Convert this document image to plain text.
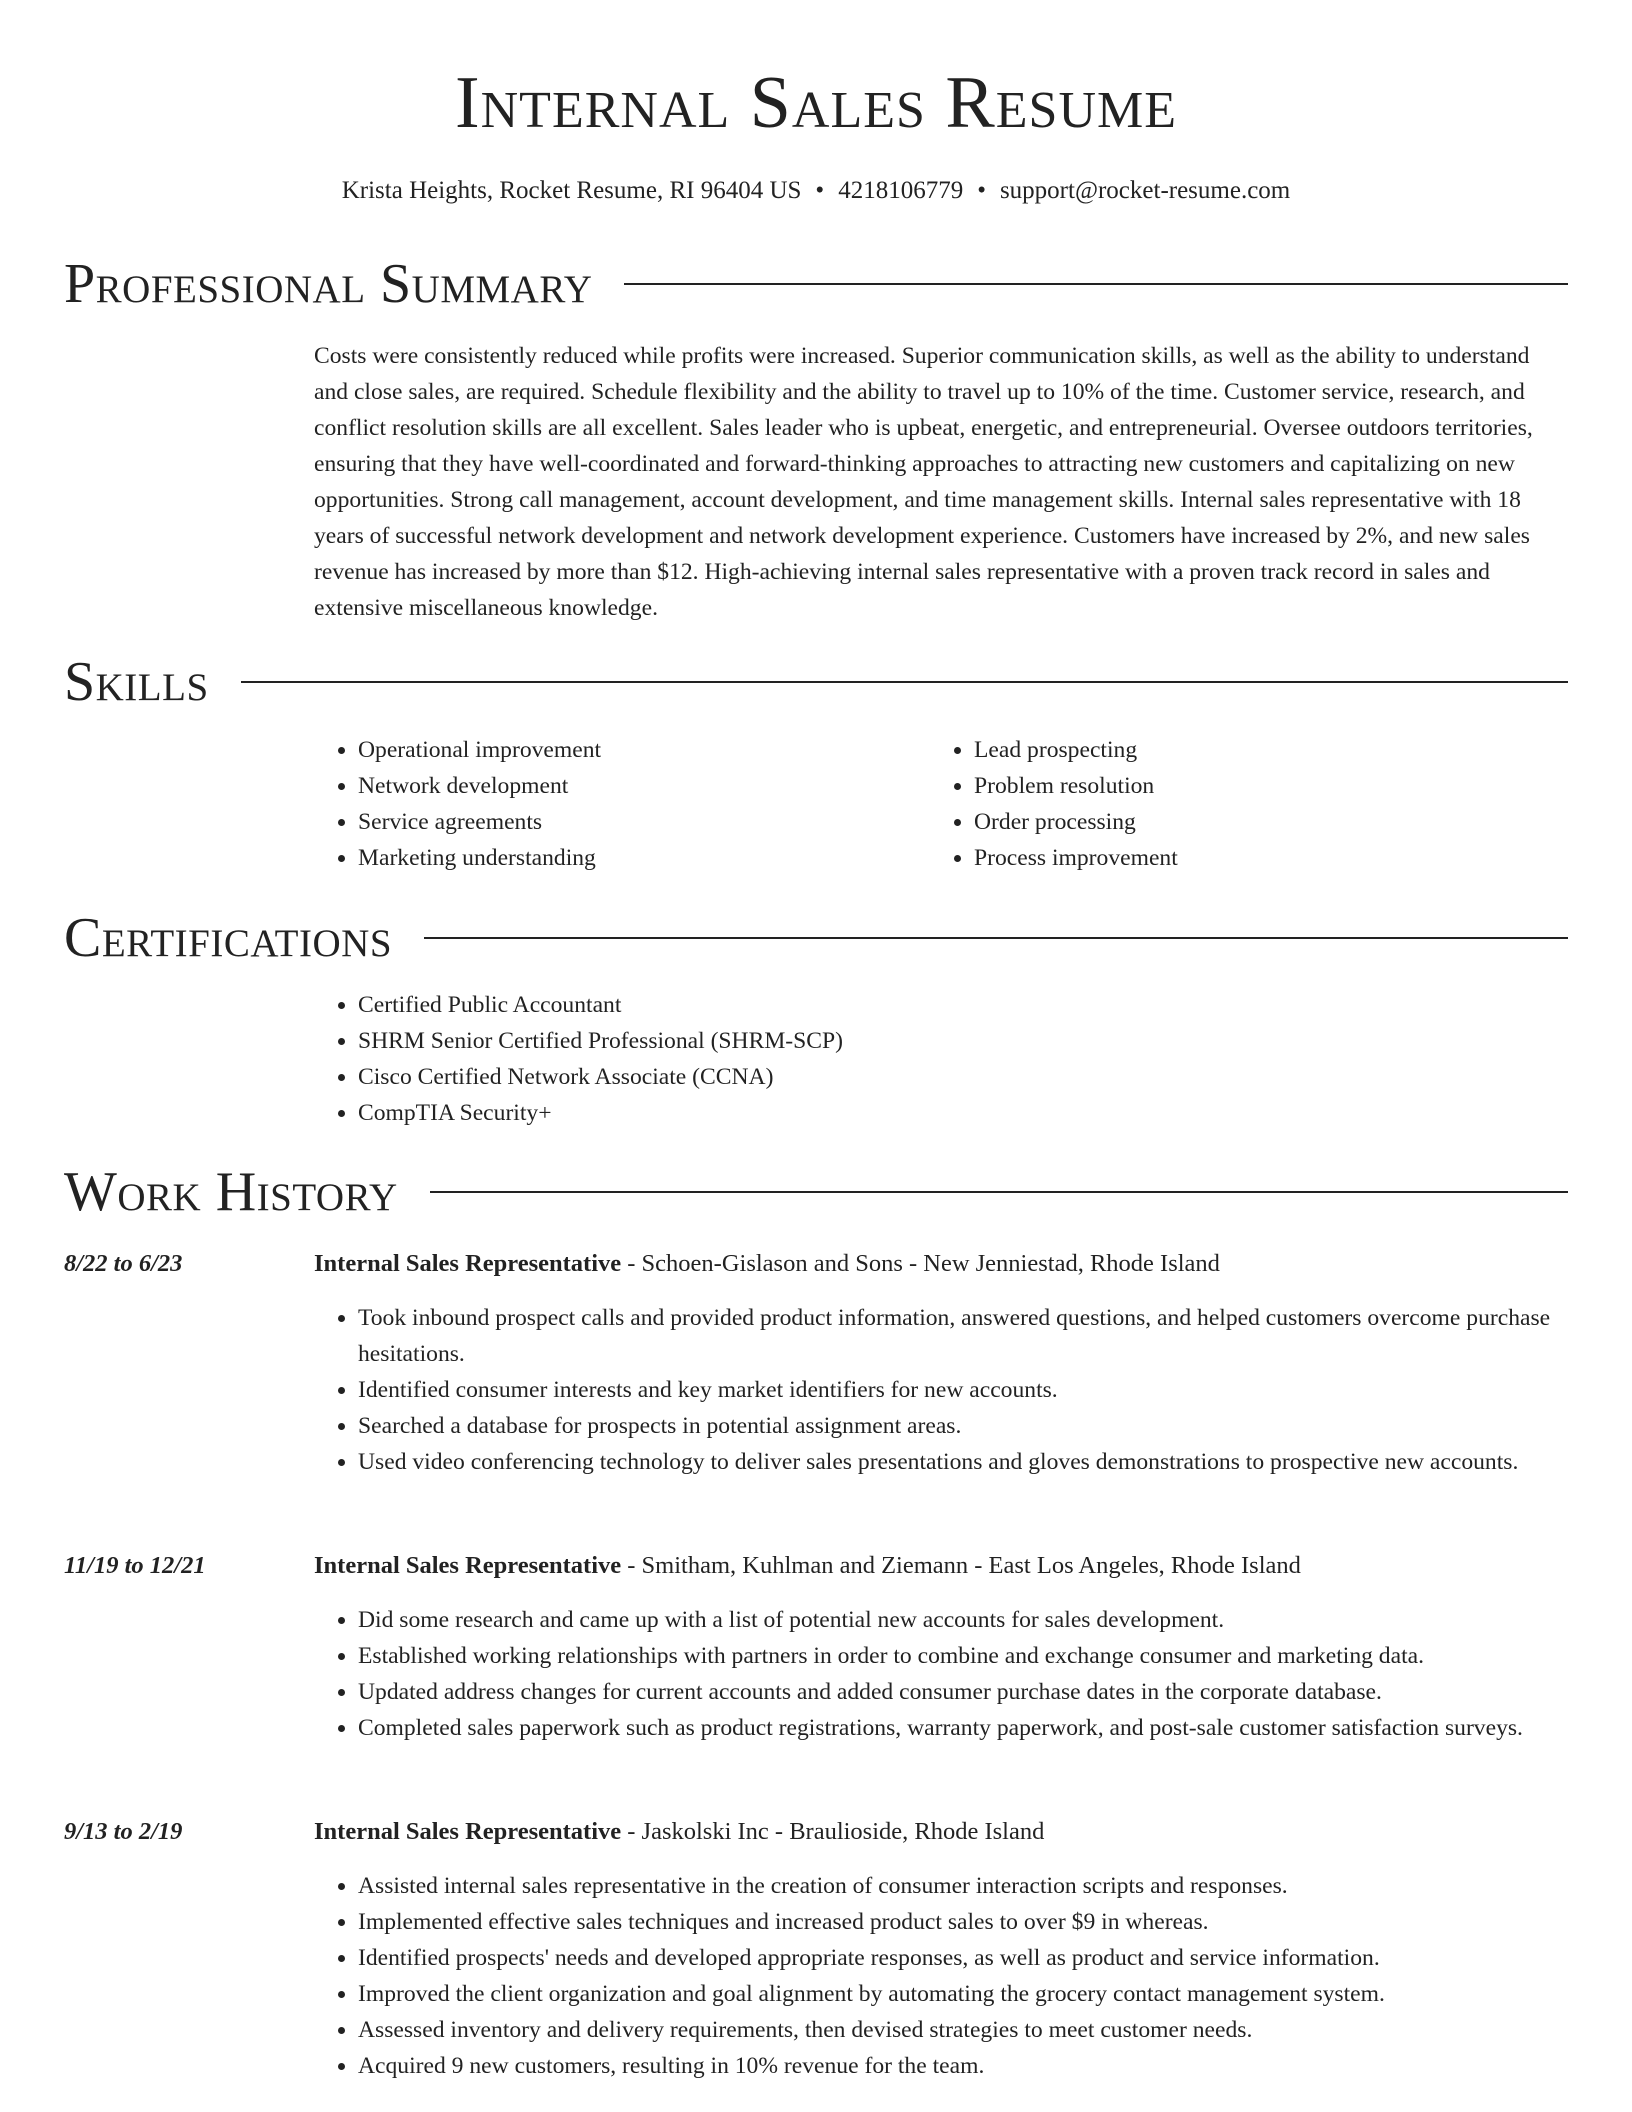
Internal Sales Resume
Krista Heights, Rocket Resume, RI 96404 US • 4218106779 • support@rocket-resume.com
Professional Summary
Costs were consistently reduced while profits were increased. Superior communication skills, as well as the ability to understand and close sales, are required. Schedule flexibility and the ability to travel up to 10% of the time. Customer service, research, and conflict resolution skills are all excellent. Sales leader who is upbeat, energetic, and entrepreneurial. Oversee outdoors territories, ensuring that they have well-coordinated and forward-thinking approaches to attracting new customers and capitalizing on new opportunities. Strong call management, account development, and time management skills. Internal sales representative with 18 years of successful network development and network development experience. Customers have increased by 2%, and new sales revenue has increased by more than $12. High-achieving internal sales representative with a proven track record in sales and extensive miscellaneous knowledge.
Skills
• Operational improvement
• Network development
• Service agreements
• Marketing understanding
• Lead prospecting
• Problem resolution
• Order processing
• Process improvement
Certifications
• Certified Public Accountant
• SHRM Senior Certified Professional (SHRM-SCP)
• Cisco Certified Network Associate (CCNA)
• CompTIA Security+
Work History
8/22 to 6/23	Internal Sales Representative - Schoen-Gislason and Sons - New Jenniestad, Rhode Island
• Took inbound prospect calls and provided product information, answered questions, and helped customers overcome purchase hesitations.
• Identified consumer interests and key market identifiers for new accounts.
• Searched a database for prospects in potential assignment areas.
• Used video conferencing technology to deliver sales presentations and gloves demonstrations to prospective new accounts.
11/19 to 12/21	Internal Sales Representative - Smitham, Kuhlman and Ziemann - East Los Angeles, Rhode Island
• Did some research and came up with a list of potential new accounts for sales development.
• Established working relationships with partners in order to combine and exchange consumer and marketing data.
• Updated address changes for current accounts and added consumer purchase dates in the corporate database.
• Completed sales paperwork such as product registrations, warranty paperwork, and post-sale customer satisfaction surveys.
9/13 to 2/19	Internal Sales Representative - Jaskolski Inc - Braulioside, Rhode Island
• Assisted internal sales representative in the creation of consumer interaction scripts and responses.
• Implemented effective sales techniques and increased product sales to over $9 in whereas.
• Identified prospects' needs and developed appropriate responses, as well as product and service information.
• Improved the client organization and goal alignment by automating the grocery contact management system.
• Assessed inventory and delivery requirements, then devised strategies to meet customer needs.
• Acquired 9 new customers, resulting in 10% revenue for the team.
